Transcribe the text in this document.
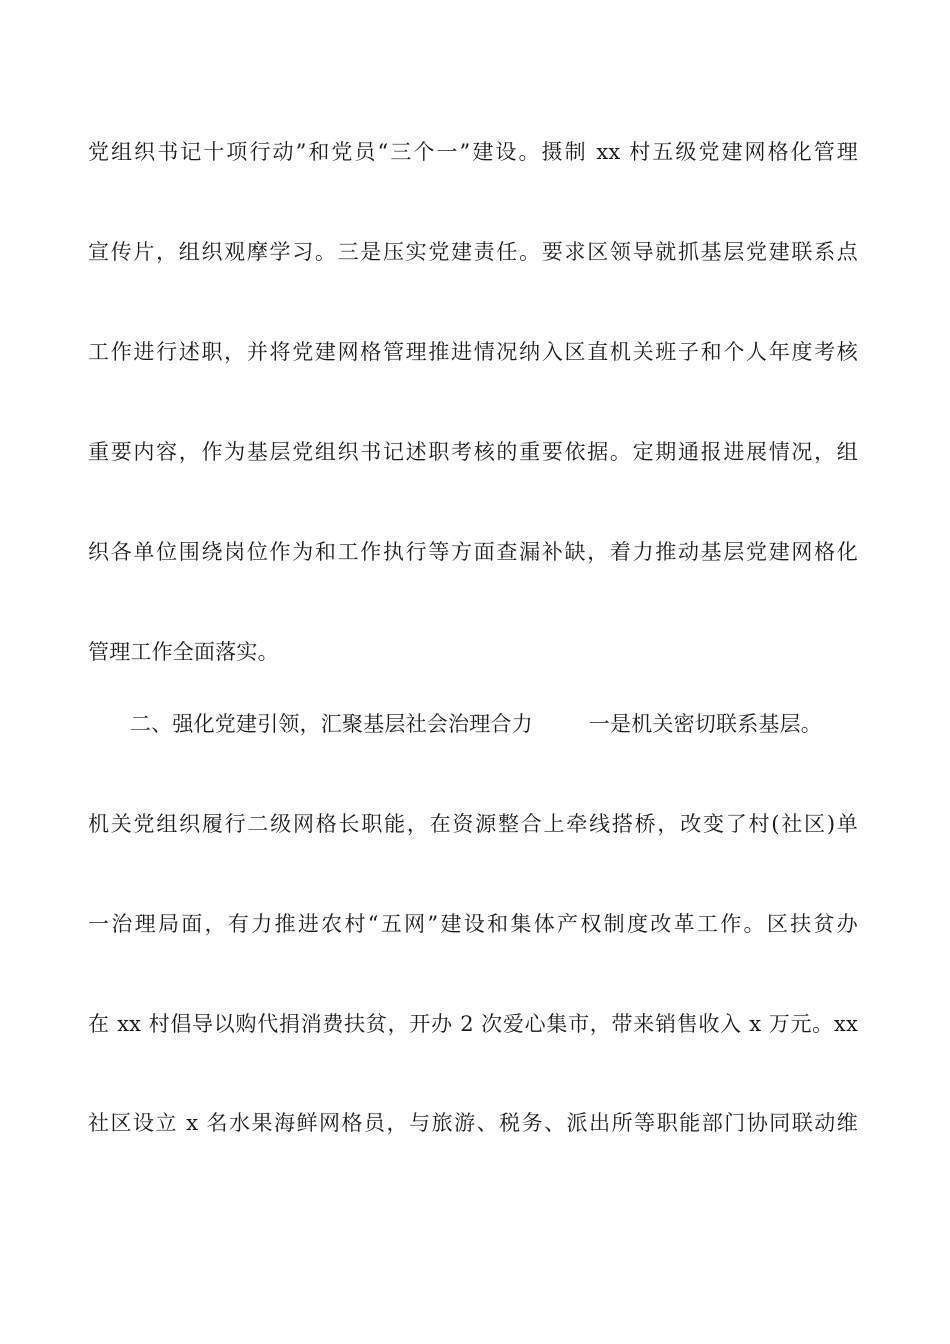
党组织书记十项行动”和党员“三个一”建设。摄制 xx 村五级党建网格化管理
宣传片，组织观摩学习。三是压实党建责任。要求区领导就抓基层党建联系点
工作进行述职，并将党建网格管理推进情况纳入区直机关班子和个人年度考核
重要内容，作为基层党组织书记述职考核的重要依据。定期通报进展情况，组
织各单位围绕岗位作为和工作执行等方面查漏补缺，着力推动基层党建网格化
管理工作全面落实。
二、强化党建引领，汇聚基层社会治理合力	一是机关密切联系基层。
机关党组织履行二级网格长职能，在资源整合上牵线搭桥，改变了村(社区)单
一治理局面，有力推进农村“五网”建设和集体产权制度改革工作。区扶贫办
在 xx 村倡导以购代捐消费扶贫，开办 2 次爱心集市，带来销售收入 x 万元。xx
社区设立 x 名水果海鲜网格员，与旅游、税务、派出所等职能部门协同联动维
